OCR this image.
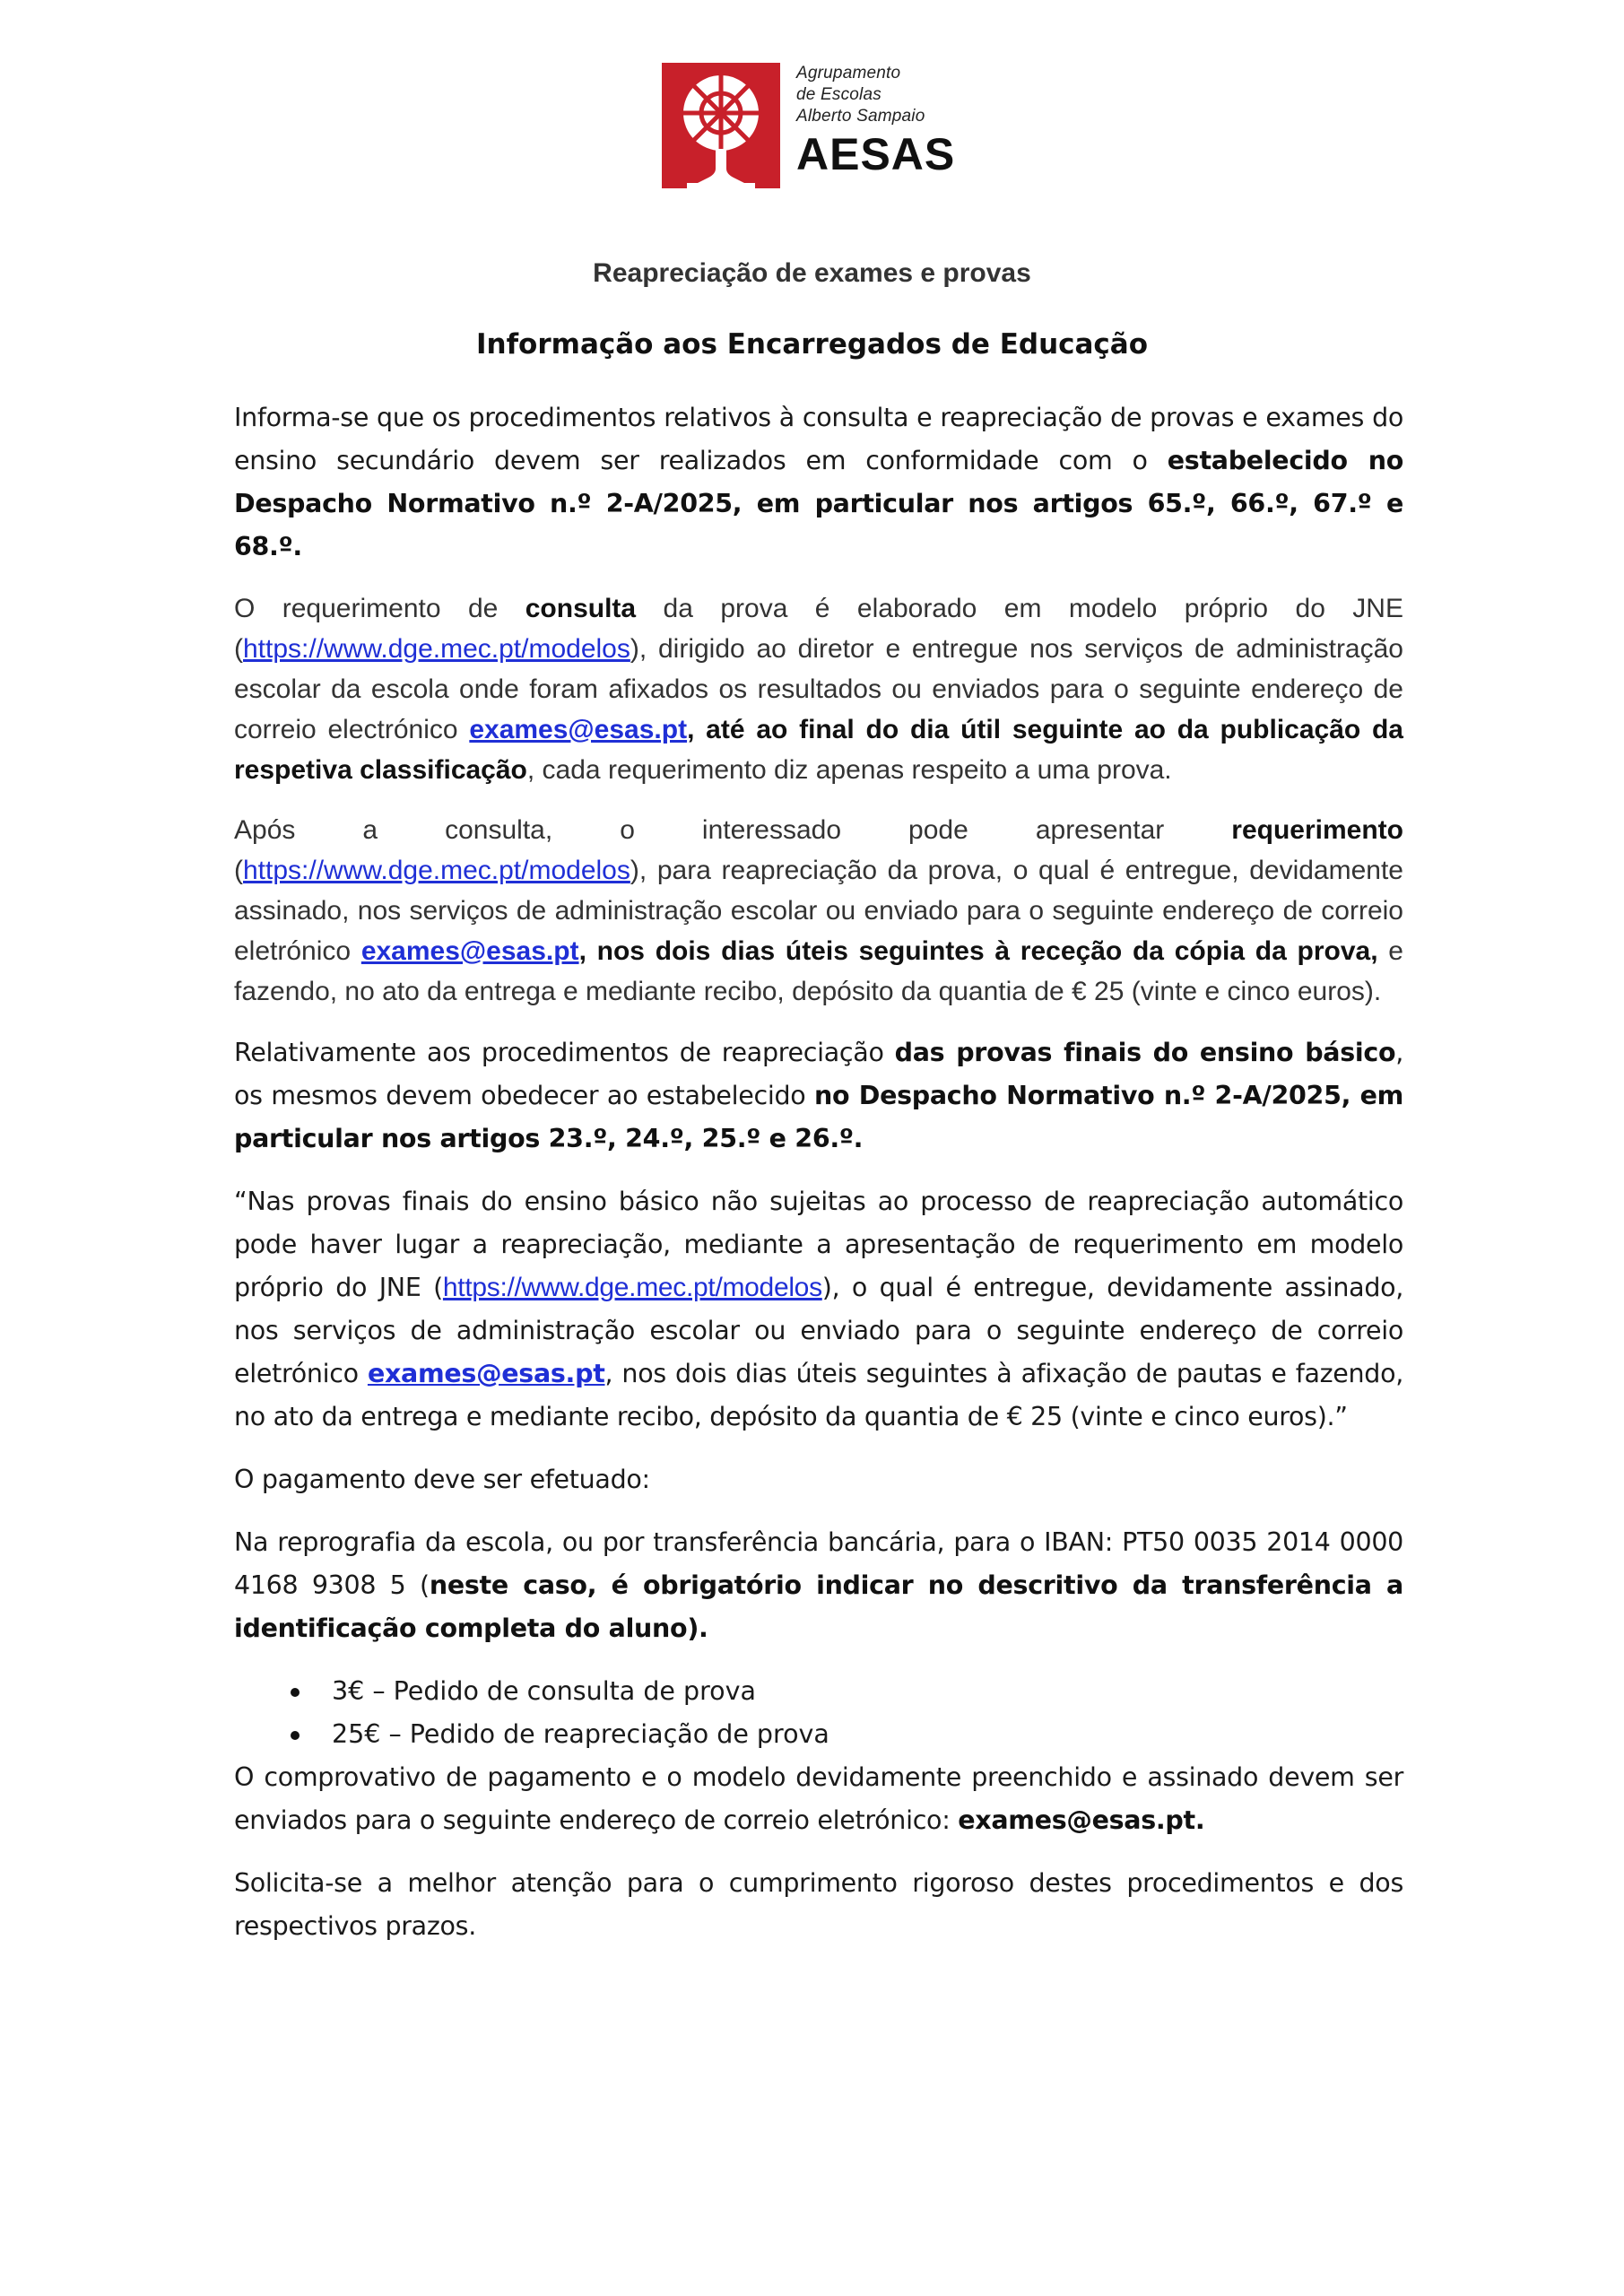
Agrupamento
de Escolas
Alberto Sampaio
AESAS
Reapreciação de exames e provas
Informação aos Encarregados de Educação

Informa-se que os procedimentos relativos à consulta e reapreciação de provas e exames do ensino secundário devem ser realizados em conformidade com o estabelecido no Despacho Normativo n.º 2-A/2025, em particular nos artigos 65.º, 66.º, 67.º e 68.º.

O requerimento de consulta da prova é elaborado em modelo próprio do JNE (https://www.dge.mec.pt/modelos), dirigido ao diretor e entregue nos serviços de administração escolar da escola onde foram afixados os resultados ou enviados para o seguinte endereço de correio electrónico exames@esas.pt, até ao final do dia útil seguinte ao da publicação da respetiva classificação, cada requerimento diz apenas respeito a uma prova.

Após a consulta, o interessado pode apresentar requerimento (https://www.dge.mec.pt/modelos), para reapreciação da prova, o qual é entregue, devidamente assinado, nos serviços de administração escolar ou enviado para o seguinte endereço de correio eletrónico exames@esas.pt, nos dois dias úteis seguintes à receção da cópia da prova, e fazendo, no ato da entrega e mediante recibo, depósito da quantia de € 25 (vinte e cinco euros).

Relativamente aos procedimentos de reapreciação das provas finais do ensino básico, os mesmos devem obedecer ao estabelecido no Despacho Normativo n.º 2-A/2025, em particular nos artigos 23.º, 24.º, 25.º e 26.º.

“Nas provas finais do ensino básico não sujeitas ao processo de reapreciação automático pode haver lugar a reapreciação, mediante a apresentação de requerimento em modelo próprio do JNE (https://www.dge.mec.pt/modelos), o qual é entregue, devidamente assinado, nos serviços de administração escolar ou enviado para o seguinte endereço de correio eletrónico exames@esas.pt, nos dois dias úteis seguintes à afixação de pautas e fazendo, no ato da entrega e mediante recibo, depósito da quantia de € 25 (vinte e cinco euros).”

O pagamento deve ser efetuado:

Na reprografia da escola, ou por transferência bancária, para o IBAN: PT50 0035 2014 0000 4168 9308 5 (neste caso, é obrigatório indicar no descritivo da transferência a identificação completa do aluno).

3€ – Pedido de consulta de prova
25€ – Pedido de reapreciação de prova

O comprovativo de pagamento e o modelo devidamente preenchido e assinado devem ser enviados para o seguinte endereço de correio eletrónico: exames@esas.pt.

Solicita-se a melhor atenção para o cumprimento rigoroso destes procedimentos e dos respectivos prazos.
